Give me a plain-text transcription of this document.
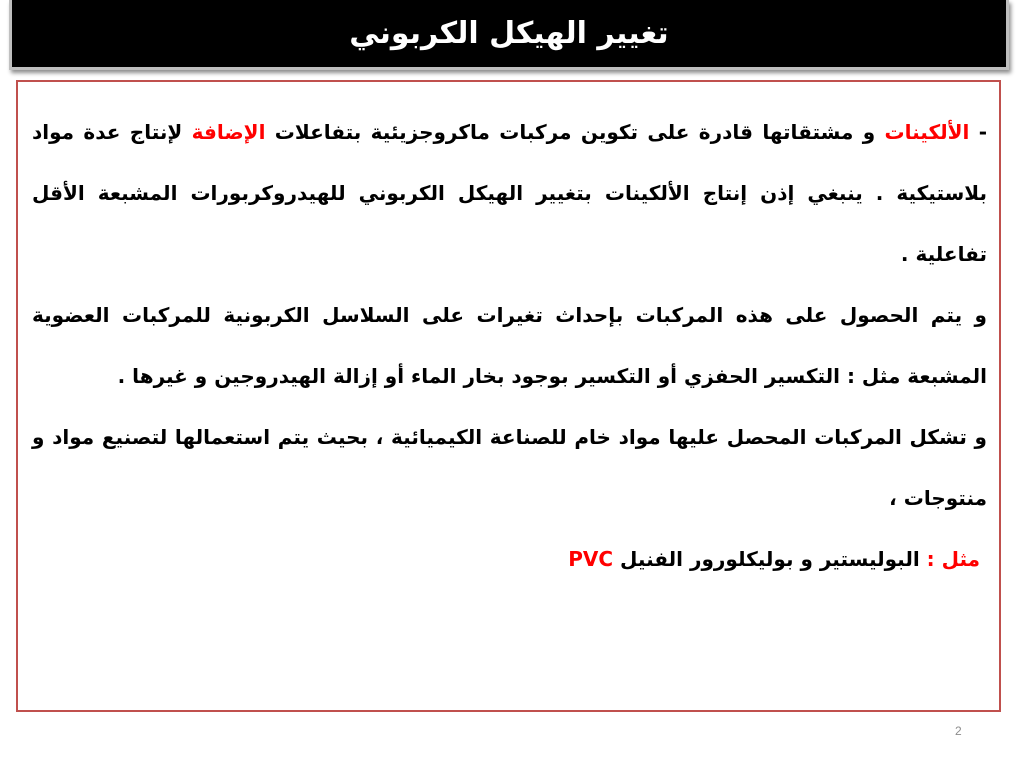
تغيير الهيكل الكربوني

- الألكينات و مشتقاتها قادرة على تكوين مركبات ماكروجزيئية بتفاعلات الإضافة لإنتاج عدة مواد بلاستيكية . ينبغي إذن إنتاج الألكينات بتغيير الهيكل الكربوني للهيدروكربورات المشبعة الأقل تفاعلية .

و يتم الحصول على هذه المركبات بإحداث تغيرات على السلاسل الكربونية للمركبات العضوية المشبعة مثل : التكسير الحفزي أو التكسير بوجود بخار الماء أو إزالة الهيدروجين و غيرها .

و تشكل المركبات المحصل عليها مواد خام للصناعة الكيميائية ، بحيث يتم استعمالها لتصنيع مواد و منتوجات ،

مثل : البوليستير و بوليكلورور الفنيل PVC

2
